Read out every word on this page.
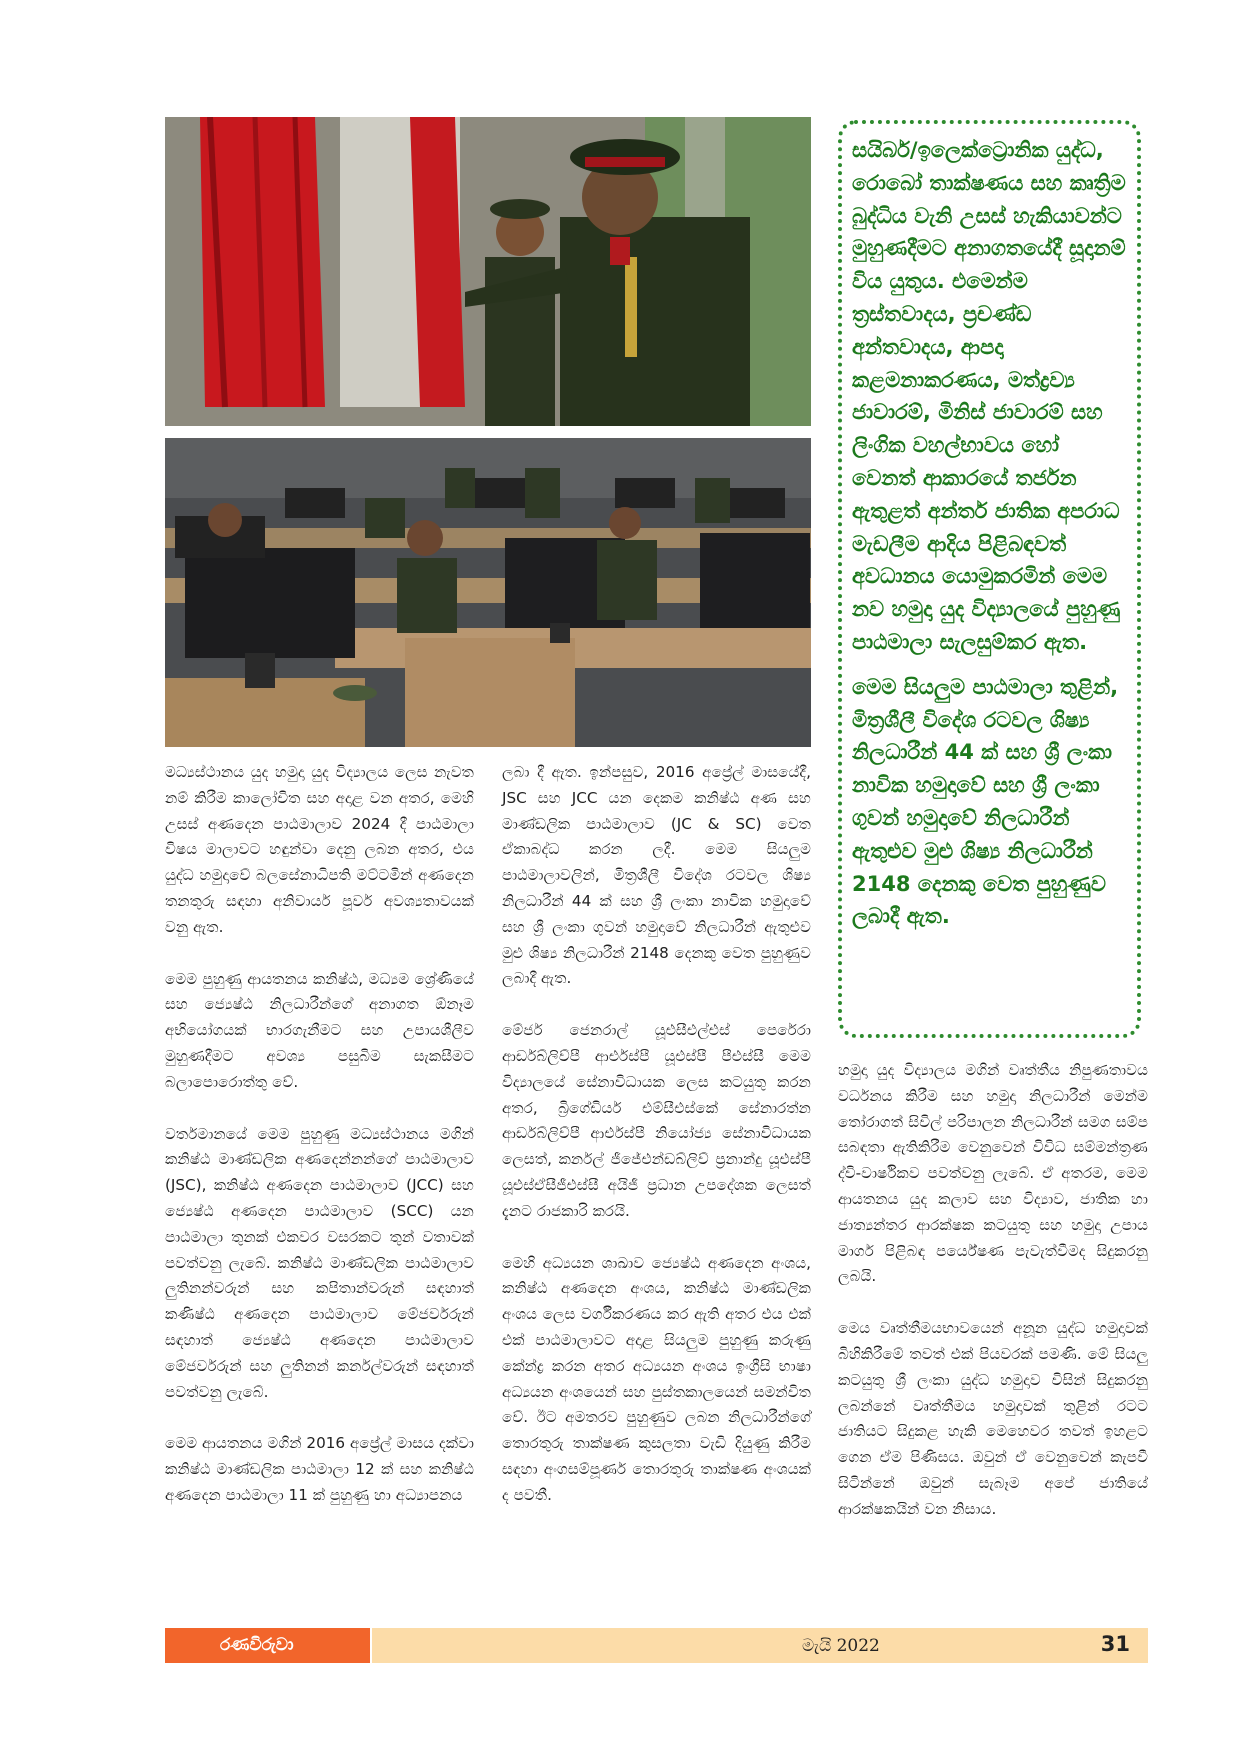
සයිබර්/ඉලෙක්ට්‍රොනික යුද්ධ, රොබෝ තාක්ෂණය සහ කෘත්‍රිම බුද්ධිය වැනි උසස් හැකියාවන්ට මුහුණදීමට අනාගතයේදී සූදානම් විය යුතුය. එමෙන්ම ත්‍රස්තවාදය, ප්‍රචණ්ඩ අන්තවාදය, ආපදා කළමනාකරණය, මත්ද්‍රව්‍ය ජාවාරම්, මිනිස් ජාවාරම් සහ ලිංගික වහල්භාවය හෝ වෙනත් ආකාරයේ තර්ජන ඇතුළත් අන්තර් ජාතික අපරාධ මැඩලීම ආදිය පිළිබඳවත් අවධානය යොමුකරමින් මෙම නව හමුදා යුද විද්‍යාලයේ පුහුණු පාඨමාලා සැලසුම්කර ඇත.

මෙම සියලුම පාඨමාලා තුළින්, මිත්‍රශීලී විදේශ රටවල ශිෂ්‍ය නිලධාරීන් 44 ක් සහ ශ්‍රී ලංකා නාවික හමුදාවේ සහ ශ්‍රී ලංකා ගුවන් හමුදාවේ නිලධාරීන් ඇතුළුව මුළු ශිෂ්‍ය නිලධාරීන් 2148 දෙනකු වෙත පුහුණුව ලබාදී ඇත.

මධ්‍යස්ථානය යුද හමුදා යුද විද්‍යාලය ලෙස නැවත නම් කිරීම කාලෝචිත සහ අදාළ වන අතර, මෙහි උසස් අණදෙන පාඨමාලාව 2024 දී පාඨමාලා විෂය මාලාවට හඳුන්වා දෙනු ලබන අතර, එය යුද්ධ හමුදාවේ බලසේනාධිපති මට්ටමින් අණදෙන තනතුරු සඳහා අනිවාර්ය පූර්ව අවශ්‍යතාවයක් වනු ඇත.

මෙම පුහුණු ආයතනය කනිෂ්ඨ, මධ්‍යම ශ්‍රේණියේ සහ ජ්‍යෙෂ්ඨ නිලධාරීන්ගේ අනාගත ඕනෑම අභියෝගයක් භාරගැනීමට සහ උපායශීලීව මුහුණදීමට අවශ්‍ය පසුබිම සැකසීමට බලාපොරොත්තු වේ.

වර්තමානයේ මෙම පුහුණු මධ්‍යස්ථානය මගින් කනිෂ්ඨ මාණ්ඩලික අණදෙන්නන්ගේ පාඨමාලාව (JSC), කනිෂ්ඨ අණදෙන පාඨමාලාව (JCC) සහ ජ්‍යෙෂ්ඨ අණදෙන පාඨමාලාව (SCC) යන පාඨමාලා තුනක් එකවර වසරකට තුන් වතාවක් පවත්වනු ලැබේ. කනිෂ්ඨ මාණ්ඩලික පාඨමාලාව ලුතිනන්වරුන් සහ කපිතාන්වරුන් සඳහාත් කණිෂ්ඨ අණදෙන පාඨමාලාව මේජර්වරුන් සඳහාත් ජ්‍යෙෂ්ඨ අණදෙන පාඨමාලාව මේජර්වරුන් සහ ලුතිනන් කර්නල්වරුන් සඳහාත් පවත්වනු ලැබේ.

මෙම ආයතනය මගින් 2016 අප්‍රේල් මාසය දක්වා කනිෂ්ඨ මාණ්ඩලික පාඨමාලා 12 ක් සහ කනිෂ්ඨ අණදෙන පාඨමාලා 11 ක් පුහුණු හා අධ්‍යාපනය

ලබා දී ඇත. ඉන්පසුව, 2016 අප්‍රේල් මාසයේදී, JSC සහ JCC යන දෙකම කනිෂ්ඨ අණ සහ මාණ්ඩලික පාඨමාලාව (JC & SC) වෙත ඒකාබද්ධ කරන ලදී. මෙම සියලුම පාඨමාලාවලින්, මිත්‍රශීලී විදේශ රටවල ශිෂ්‍ය නිලධාරීන් 44 ක් සහ ශ්‍රී ලංකා නාවික හමුදාවේ සහ ශ්‍රී ලංකා ගුවන් හමුදාවේ නිලධාරීන් ඇතුළුව මුළු ශිෂ්‍ය නිලධාරීන් 2148 දෙනකු වෙත පුහුණුව ලබාදී ඇත.

මේජර් ජෙනරාල් යූඑසීඑල්එස් පෙරේරා ආර්ඩබ්ලිව්පී ආර්එස්පී යූඑස්පී පීඑස්සී මෙම විද්‍යාලයේ සේනාවිධායක ලෙස කටයුතු කරන අතර, බ්‍රිගේඩියර් එම්සීඑස්කේ සේනාරත්න ආර්ඩබ්ලිව්පී ආර්එස්පී නියෝජ්‍ය සේනාවිධායක ලෙසත්, කර්නල් ජීජේඑන්ඩබ්ලිව් ප්‍රනාන්දු යූඑස්පී යූඑස්ඒසීජීඑස්සී අයිජී ප්‍රධාන උපදේශක ලෙසත් දැනට රාජකාරි කරයි.

මෙහි අධ්‍යයන ශාඛාව ජ්‍යෙෂ්ඨ අණදෙන අංශය, කනිෂ්ඨ අණදෙන අංශය, කනිෂ්ඨ මාණ්ඩලික අංශය ලෙස වර්ගීකරණය කර ඇති අතර එය එක් එක් පාඨමාලාවට අදාළ සියලුම පුහුණු කරුණු කේන්ද්‍ර කරන අතර අධ්‍යයන අංශය ඉංග්‍රීසි භාෂා අධ්‍යයන අංශයෙන් සහ පුස්තකාලයෙන් සමන්විත වේ. ඊට අමතරව පුහුණුව ලබන නිලධාරීන්ගේ තොරතුරු තාක්ෂණ කුසලතා වැඩි දියුණු කිරීම සඳහා අංගසම්පූර්ණ තොරතුරු තාක්ෂණ අංශයක් ද පවතී.

හමුදා යුද විද්‍යාලය මගින් වෘත්තීය නිපුණතාවය වර්ධනය කිරීම සහ හමුදා නිලධාරීන් මෙන්ම තෝරාගත් සිවිල් පරිපාලන නිලධාරීන් සමග සම්ප සබඳතා ඇතිකිරීම වෙනුවෙන් විවිධ සම්මන්ත්‍රණ ද්වි-වාර්ෂිකව පවත්වනු ලැබේ. ඒ අතරම, මෙම ආයතනය යුද කලාව සහ විද්‍යාව, ජාතික හා ජාත්‍යන්තර ආරක්ෂක කටයුතු සහ හමුදා උපාය මාර්ග පිළිබඳ පර්යේෂණ පැවැත්වීමද සිදුකරනු ලබයි.

මෙය වෘත්තීමයභාවයෙන් අනූන යුද්ධ හමුදාවක් බිහිකිරීමේ තවත් එක් පියවරක් පමණි. මේ සියලු කටයුතු ශ්‍රී ලංකා යුද්ධ හමුදාව විසින් සිදුකරනු ලබන්නේ වෘත්තීමය හමුදාවක් තුළින් රටට ජාතියට සිදුකළ හැකි මෙහෙවර තවත් ඉහළට ගෙන ඒම පිණිසය. ඔවුන් ඒ වෙනුවෙන් කැපවී සිටින්නේ ඔවුන් සැබෑම අපේ ජාතියේ ආරක්ෂකයින් වන නිසාය.

රණවිරුවා	මැයි 2022	31
